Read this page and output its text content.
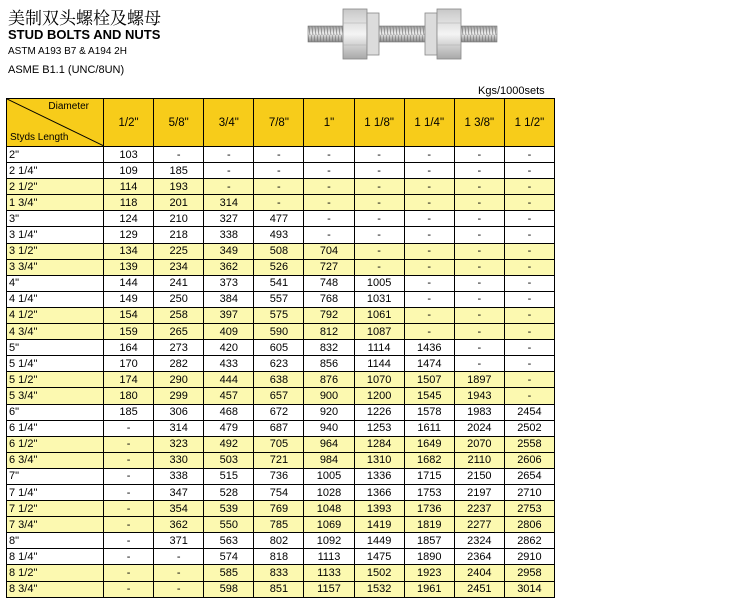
美制双头螺栓及螺母
STUD BOLTS AND NUTS
ASTM A193 B7 & A194 2H
ASME B1.1 (UNC/8UN)
Kgs/1000sets
Diameter
Styds Length	1/2"	5/8"	3/4"	7/8"	1"	1 1/8"	1 1/4"	1 3/8"	1 1/2"
2"	103	-	-	-	-	-	-	-	-
2 1/4"	109	185	-	-	-	-	-	-	-
2 1/2"	114	193	-	-	-	-	-	-	-
1 3/4"	118	201	314	-	-	-	-	-	-
3"	124	210	327	477	-	-	-	-	-
3 1/4"	129	218	338	493	-	-	-	-	-
3 1/2"	134	225	349	508	704	-	-	-	-
3 3/4"	139	234	362	526	727	-	-	-	-
4"	144	241	373	541	748	1005	-	-	-
4 1/4"	149	250	384	557	768	1031	-	-	-
4 1/2"	154	258	397	575	792	1061	-	-	-
4 3/4"	159	265	409	590	812	1087	-	-	-
5"	164	273	420	605	832	1114	1436	-	-
5 1/4"	170	282	433	623	856	1144	1474	-	-
5 1/2"	174	290	444	638	876	1070	1507	1897	-
5 3/4"	180	299	457	657	900	1200	1545	1943	-
6"	185	306	468	672	920	1226	1578	1983	2454
6 1/4"	-	314	479	687	940	1253	1611	2024	2502
6 1/2"	-	323	492	705	964	1284	1649	2070	2558
6 3/4"	-	330	503	721	984	1310	1682	2110	2606
7"	-	338	515	736	1005	1336	1715	2150	2654
7 1/4"	-	347	528	754	1028	1366	1753	2197	2710
7 1/2"	-	354	539	769	1048	1393	1736	2237	2753
7 3/4"	-	362	550	785	1069	1419	1819	2277	2806
8"	-	371	563	802	1092	1449	1857	2324	2862
8 1/4"	-	-	574	818	1113	1475	1890	2364	2910
8 1/2"	-	-	585	833	1133	1502	1923	2404	2958
8 3/4"	-	-	598	851	1157	1532	1961	2451	3014
